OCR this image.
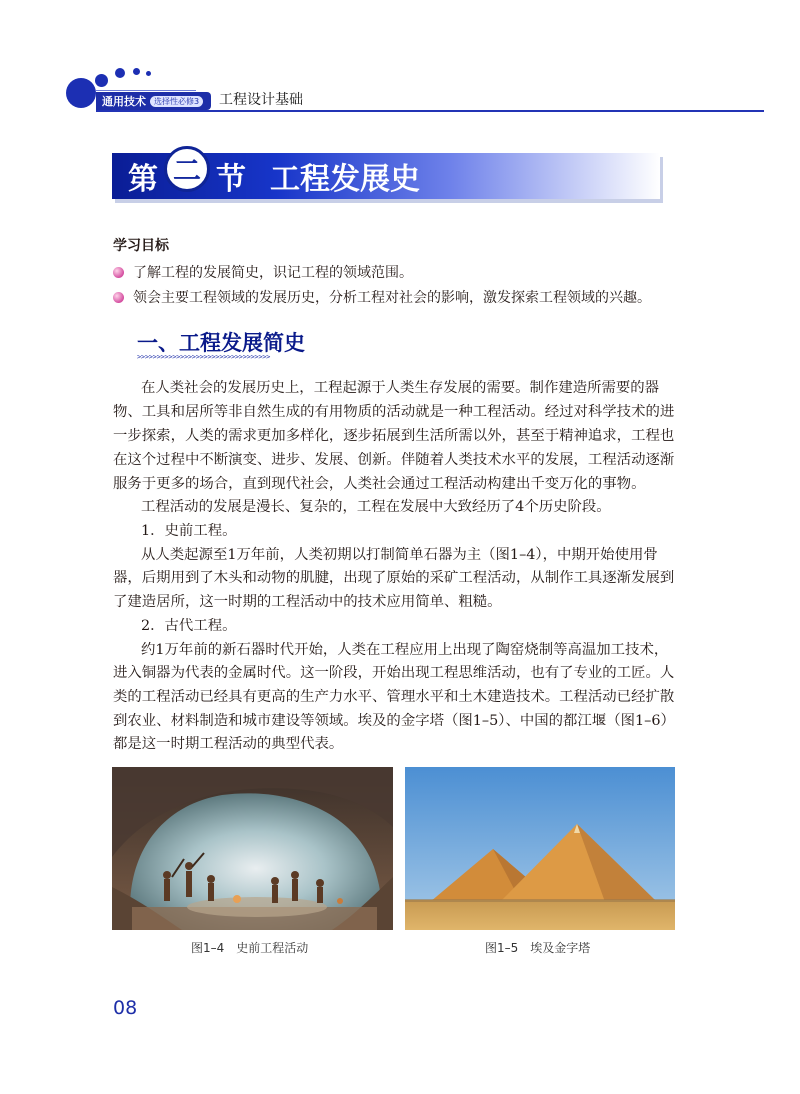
通用技术	选择性必修3 工程设计基础
第 二 节 工程发展史
学习目标
了解工程的发展简史，识记工程的领域范围。
领会主要工程领域的发展历史，分析工程对社会的影响，激发探索工程领域的兴趣。
一、工程发展简史
>>>>>>>>>>>>>>>>>>>>>>>>>>>>>>>>>>
在人类社会的发展历史上，工程起源于人类生存发展的需要。制作建造所需要的器
物、工具和居所等非自然生成的有用物质的活动就是一种工程活动。经过对科学技术的进
一步探索，人类的需求更加多样化，逐步拓展到生活所需以外，甚至于精神追求，工程也
在这个过程中不断演变、进步、发展、创新。伴随着人类技术水平的发展，工程活动逐渐
服务于更多的场合，直到现代社会，人类社会通过工程活动构建出千变万化的事物。
工程活动的发展是漫长、复杂的，工程在发展中大致经历了4个历史阶段。
1．史前工程。
从人类起源至1万年前，人类初期以打制简单石器为主（图1–4），中期开始使用骨
器，后期用到了木头和动物的肌腱，出现了原始的采矿工程活动，从制作工具逐渐发展到
了建造居所，这一时期的工程活动中的技术应用简单、粗糙。
2．古代工程。
约1万年前的新石器时代开始，人类在工程应用上出现了陶窑烧制等高温加工技术，
进入铜器为代表的金属时代。这一阶段，开始出现工程思维活动，也有了专业的工匠。人
类的工程活动已经具有更高的生产力水平、管理水平和土木建造技术。工程活动已经扩散
到农业、材料制造和城市建设等领域。埃及的金字塔（图1–5）、中国的都江堰（图1–6）
都是这一时期工程活动的典型代表。
图1–4　史前工程活动	图1–5　埃及金字塔
08
